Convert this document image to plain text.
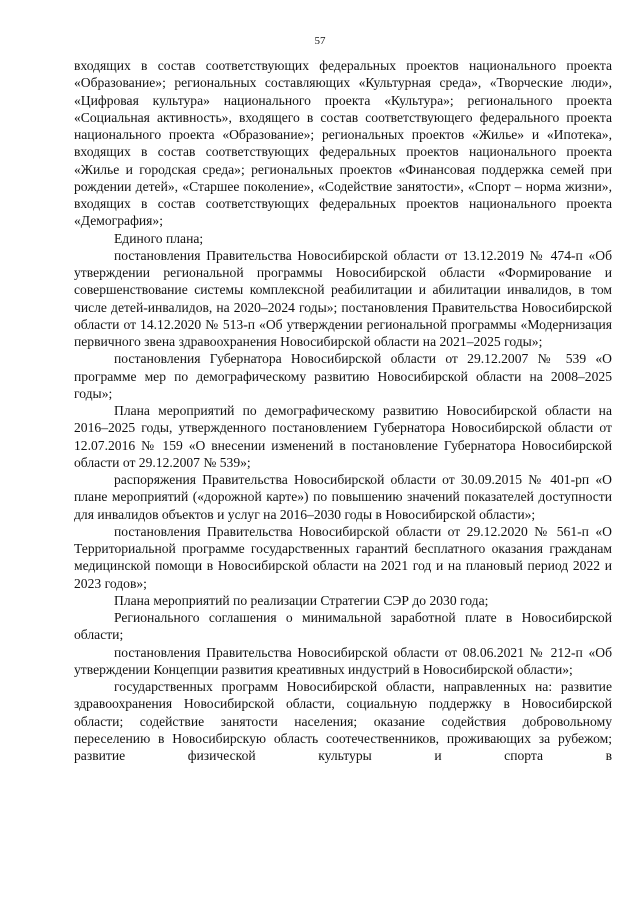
57

входящих в состав соответствующих федеральных проектов национального проекта «Образование»; региональных составляющих «Культурная среда», «Творческие люди», «Цифровая культура» национального проекта «Культура»; регионального проекта «Социальная активность», входящего в состав соответствующего федерального проекта национального проекта «Образование»; региональных проектов «Жилье» и «Ипотека», входящих в состав соответствующих федеральных проектов национального проекта «Жилье и городская среда»; региональных проектов «Финансовая поддержка семей при рождении детей», «Старшее поколение», «Содействие занятости», «Спорт – норма жизни», входящих в состав соответствующих федеральных проектов национального проекта «Демография»;

Единого плана;

постановления Правительства Новосибирской области от 13.12.2019 № 474-п «Об утверждении региональной программы Новосибирской области «Формирование и совершенствование системы комплексной реабилитации и абилитации инвалидов, в том числе детей-инвалидов, на 2020–2024 годы»; постановления Правительства Новосибирской области от 14.12.2020 № 513-п «Об утверждении региональной программы «Модернизация первичного звена здравоохранения Новосибирской области на 2021–2025 годы»;

постановления Губернатора Новосибирской области от 29.12.2007 № 539 «О программе мер по демографическому развитию Новосибирской области на 2008–2025 годы»;

Плана мероприятий по демографическому развитию Новосибирской области на 2016–2025 годы, утвержденного постановлением Губернатора Новосибирской области от 12.07.2016 № 159 «О внесении изменений в постановление Губернатора Новосибирской области от 29.12.2007 № 539»;

распоряжения Правительства Новосибирской области от 30.09.2015 № 401-рп «О плане мероприятий («дорожной карте») по повышению значений показателей доступности для инвалидов объектов и услуг на 2016–2030 годы в Новосибирской области»;

постановления Правительства Новосибирской области от 29.12.2020 № 561-п «О Территориальной программе государственных гарантий бесплатного оказания гражданам медицинской помощи в Новосибирской области на 2021 год и на плановый период 2022 и 2023 годов»;

Плана мероприятий по реализации Стратегии СЭР до 2030 года;

Регионального соглашения о минимальной заработной плате в Новосибирской области;

постановления Правительства Новосибирской области от 08.06.2021 № 212-п «Об утверждении Концепции развития креативных индустрий в Новосибирской области»;

государственных программ Новосибирской области, направленных на: развитие здравоохранения Новосибирской области, социальную поддержку в Новосибирской области; содействие занятости населения; оказание содействия добровольному переселению в Новосибирскую область соотечественников, проживающих за рубежом; развитие физической культуры и спорта в
